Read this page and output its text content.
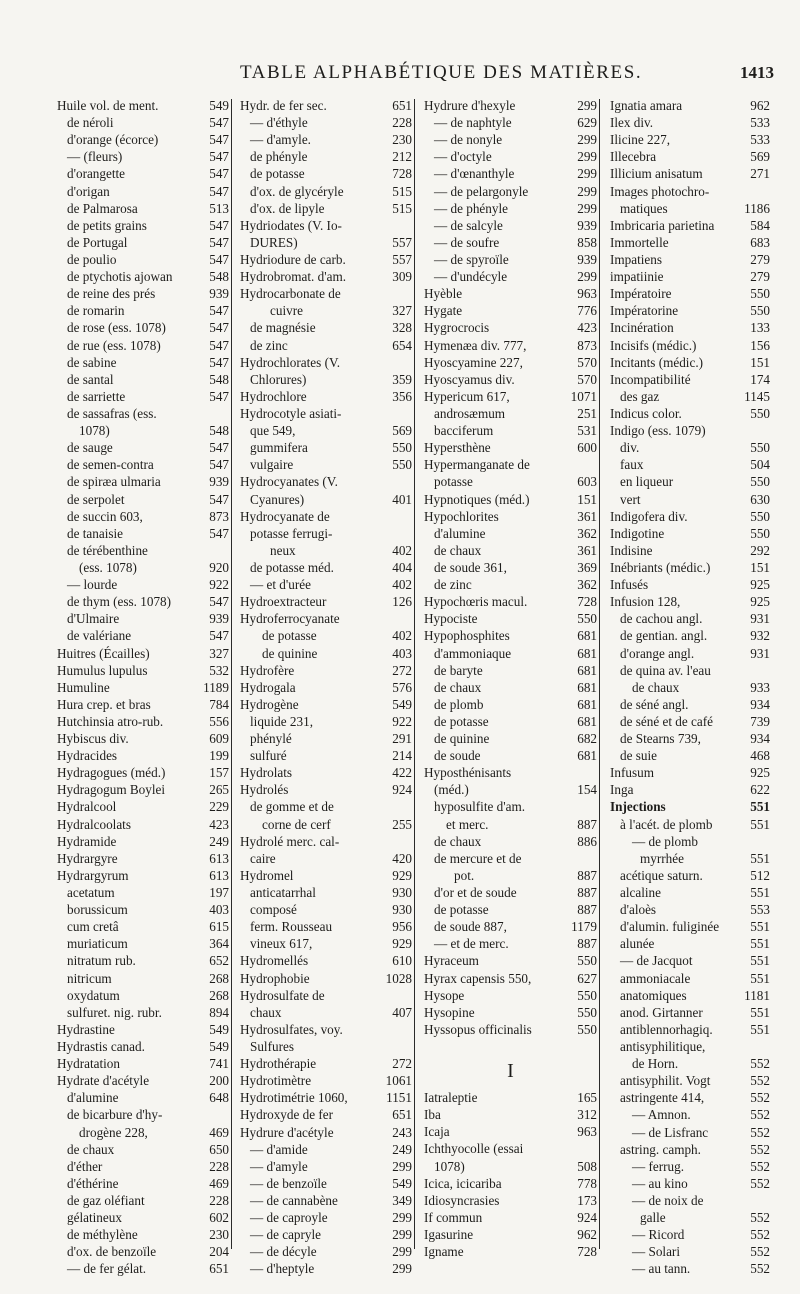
TABLE ALPHABÉTIQUE DES MATIÈRES.	1413
Huile vol. de ment.	549
de néroli	547
d'orange (écorce)	547
— (fleurs)	547
d'orangette	547
d'origan	547
de Palmarosa	513
de petits grains	547
de Portugal	547
de poulio	547
de ptychotis ajowan	548
de reine des prés	939
de romarin	547
de rose (ess. 1078)	547
de rue (ess. 1078)	547
de sabine	547
de santal	548
de sarriette	547
de sassafras (ess.
1078)	548
de sauge	547
de semen-contra	547
de spiræa ulmaria	939
de serpolet	547
de succin 603,	873
de tanaisie	547
de térébenthine
(ess. 1078)	920
— lourde	922
de thym (ess. 1078)	547
d'Ulmaire	939
de valériane	547
Huitres (Écailles)	327
Humulus lupulus	532
Humuline	1189
Hura crep. et bras	784
Hutchinsia atro-rub.	556
Hybiscus div.	609
Hydracides	199
Hydragogues (méd.)	157
Hydragogum Boylei	265
Hydralcool	229
Hydralcoolats	423
Hydramide	249
Hydrargyre	613
Hydrargyrum	613
acetatum	197
borussicum	403
cum cretâ	615
muriaticum	364
nitratum rub.	652
nitricum	268
oxydatum	268
sulfuret. nig. rubr.	894
Hydrastine	549
Hydrastis canad.	549
Hydratation	741
Hydrate d'acétyle	200
d'alumine	648
de bicarbure d'hy-
drogène 228,	469
de chaux	650
d'éther	228
d'éthérine	469
de gaz oléfiant	228
gélatineux	602
de méthylène	230
d'ox. de benzoïle	204
— de fer gélat.	651
Hydr. de fer sec.	651
— d'éthyle	228
— d'amyle.	230
de phényle	212
de potasse	728
d'ox. de glycéryle	515
d'ox. de lipyle	515
Hydriodates (V. Io-
DURES)	557
Hydriodure de carb.	557
Hydrobromat. d'am.	309
Hydrocarbonate de
cuivre	327
de magnésie	328
de zinc	654
Hydrochlorates (V.
Chlorures)	359
Hydrochlore	356
Hydrocotyle asiati-
que 549,	569
gummifera	550
vulgaire	550
Hydrocyanates (V.
Cyanures)	401
Hydrocyanate de
potasse ferrugi-
neux	402
de potasse méd.	404
— et d'urée	402
Hydroextracteur	126
Hydroferrocyanate
de potasse	402
de quinine	403
Hydrofère	272
Hydrogala	576
Hydrogène	549
liquide 231,	922
phénylé	291
sulfuré	214
Hydrolats	422
Hydrolés	924
de gomme et de
corne de cerf	255
Hydrolé merc. cal-
caire	420
Hydromel	929
anticatarrhal	930
composé	930
ferm. Rousseau	956
vineux 617,	929
Hydromellés	610
Hydrophobie	1028
Hydrosulfate de
chaux	407
Hydrosulfates, voy.
Sulfures
Hydrothérapie	272
Hydrotimètre	1061
Hydrotimétrie 1060,	1151
Hydroxyde de fer	651
Hydrure d'acétyle	243
— d'amide	249
— d'amyle	299
— de benzoïle	549
— de cannabène	349
— de caproyle	299
— de capryle	299
— de décyle	299
— d'heptyle	299
Hydrure d'hexyle	299
— de naphtyle	629
— de nonyle	299
— d'octyle	299
— d'œnanthyle	299
— de pelargonyle	299
— de phényle	299
— de salcyle	939
— de soufre	858
— de spyroïle	939
— d'undécyle	299
Hyèble	963
Hygate	776
Hygrocrocis	423
Hymenæa div. 777,	873
Hyoscyamine 227,	570
Hyoscyamus div.	570
Hypericum 617,	1071
androsæmum	251
bacciferum	531
Hypersthène	600
Hypermanganate de
potasse	603
Hypnotiques (méd.)	151
Hypochlorites	361
d'alumine	362
de chaux	361
de soude 361,	369
de zinc	362
Hypochœris macul.	728
Hypociste	550
Hypophosphites	681
d'ammoniaque	681
de baryte	681
de chaux	681
de plomb	681
de potasse	681
de quinine	682
de soude	681
Hyposthénisants
(méd.)	154
hyposulfite d'am.
et merc.	887
de chaux	886
de mercure et de
pot.	887
d'or et de soude	887
de potasse	887
de soude 887,	1179
— et de merc.	887
Hyraceum	550
Hyrax capensis 550,	627
Hysope	550
Hysopine	550
Hyssopus officinalis	550
I
Iatraleptie	165
Iba	312
Icaja	963
Ichthyocolle (essai
1078)	508
Icica, icicariba	778
Idiosyncrasies	173
If commun	924
Igasurine	962
Igname	728
Ignatia amara	962
Ilex div.	533
Ilicine 227,	533
Illecebra	569
Illicium anisatum	271
Images photochro-
matiques	1186
Imbricaria parietina	584
Immortelle	683
Impatiens	279
impatiinie	279
Impératoire	550
Impératorine	550
Incinération	133
Incisifs (médic.)	156
Incitants (médic.)	151
Incompatibilité	174
des gaz	1145
Indicus color.	550
Indigo (ess. 1079)
div.	550
faux	504
en liqueur	550
vert	630
Indigofera div.	550
Indigotine	550
Indisine	292
Inébriants (médic.)	151
Infusés	925
Infusion 128,	925
de cachou angl.	931
de gentian. angl.	932
d'orange angl.	931
de quina av. l'eau
de chaux	933
de séné angl.	934
de séné et de café	739
de Stearns 739,	934
de suie	468
Infusum	925
Inga	622
Injections	551
à l'acét. de plomb	551
— de plomb
myrrhée	551
acétique saturn.	512
alcaline	551
d'aloès	553
d'alumin. fuliginée 551
alunée	551
— de Jacquot	551
ammoniacale	551
anatomiques	1181
anod. Girtanner	551
antiblennorhagiq.	551
antisyphilitique,
de Horn.	552
antisyphilit. Vogt	552
astringente 414,	552
— Amnon.	552
— de Lisfranc	552
astring. camph.	552
— ferrug.	552
— au kino	552
— de noix de
galle	552
— Ricord	552
— Solari	552
— au tann.	552
